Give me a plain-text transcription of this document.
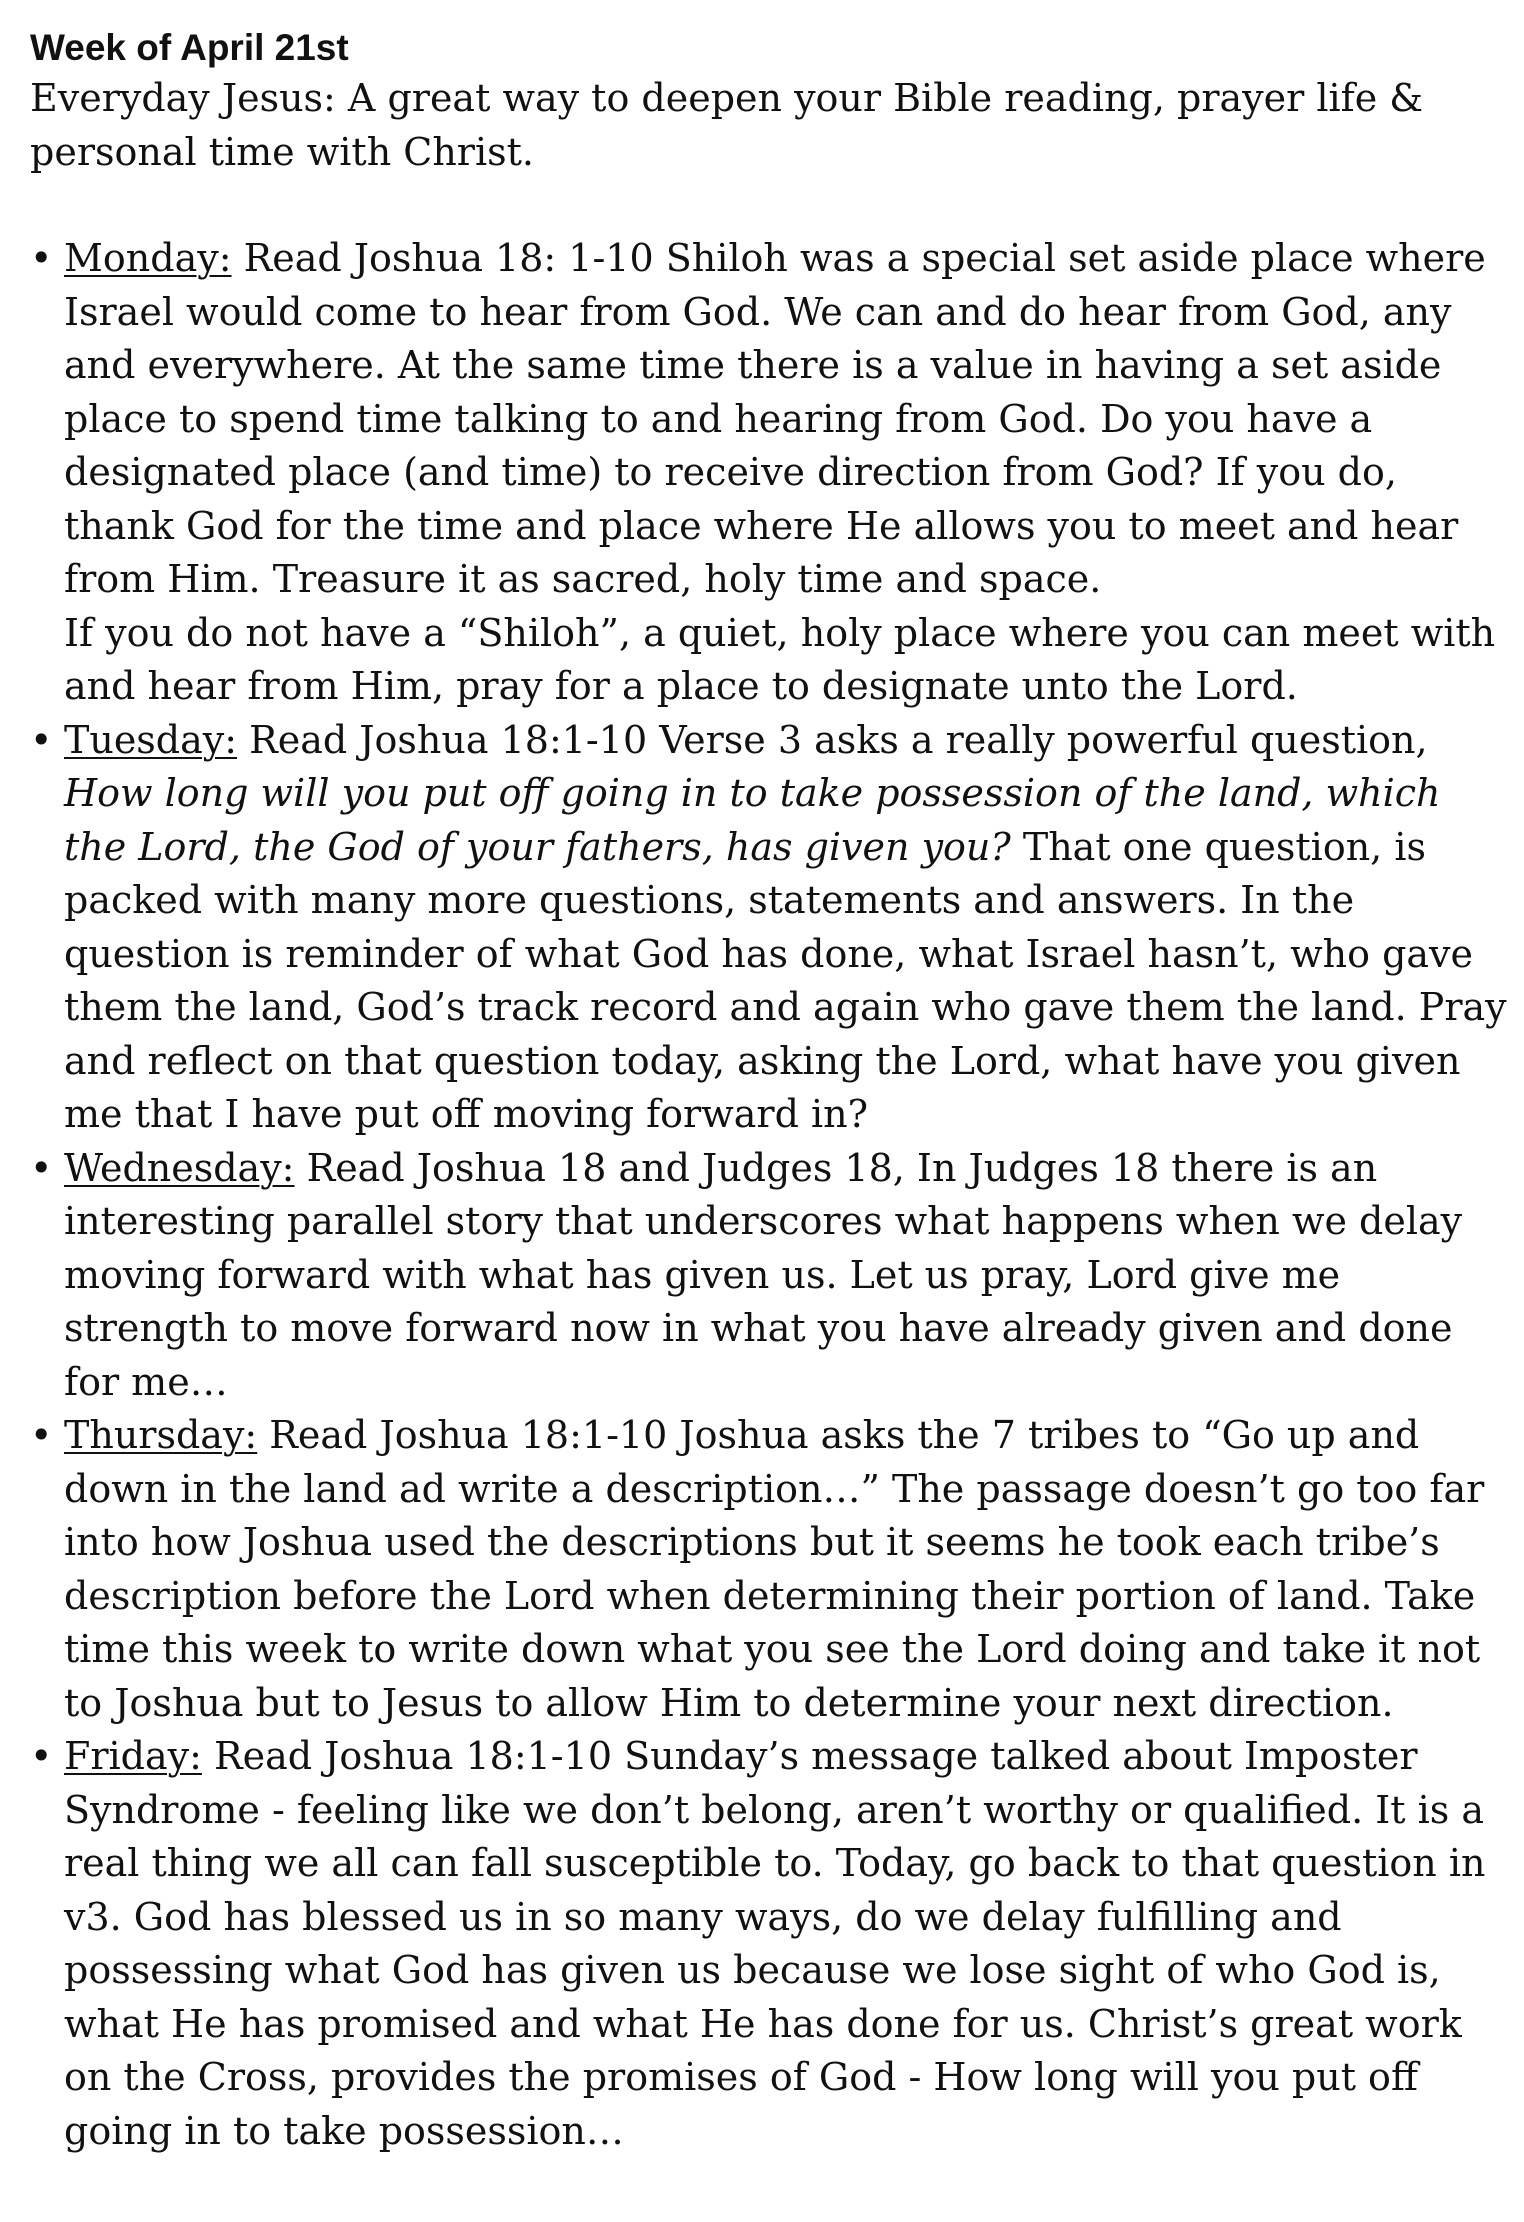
Week of April 21st

Everyday Jesus: A great way to deepen your Bible reading, prayer life & personal time with Christ.

• Monday: Read Joshua 18: 1-10 Shiloh was a special set aside place where Israel would come to hear from God. We can and do hear from God, any and everywhere. At the same time there is a value in having a set aside place to spend time talking to and hearing from God. Do you have a designated place (and time) to receive direction from God? If you do, thank God for the time and place where He allows you to meet and hear from Him. Treasure it as sacred, holy time and space.
If you do not have a “Shiloh”, a quiet, holy place where you can meet with and hear from Him, pray for a place to designate unto the Lord.
• Tuesday: Read Joshua 18:1-10 Verse 3 asks a really powerful question, How long will you put off going in to take possession of the land, which the Lord, the God of your fathers, has given you? That one question, is packed with many more questions, statements and answers. In the question is reminder of what God has done, what Israel hasn’t, who gave them the land, God’s track record and again who gave them the land. Pray and reflect on that question today, asking the Lord, what have you given me that I have put off moving forward in?
• Wednesday: Read Joshua 18 and Judges 18, In Judges 18 there is an interesting parallel story that underscores what happens when we delay moving forward with what has given us. Let us pray, Lord give me strength to move forward now in what you have already given and done for me…
• Thursday: Read Joshua 18:1-10 Joshua asks the 7 tribes to “Go up and down in the land ad write a description…” The passage doesn’t go too far into how Joshua used the descriptions but it seems he took each tribe’s description before the Lord when determining their portion of land. Take time this week to write down what you see the Lord doing and take it not to Joshua but to Jesus to allow Him to determine your next direction.
• Friday: Read Joshua 18:1-10 Sunday’s message talked about Imposter Syndrome - feeling like we don’t belong, aren’t worthy or qualified. It is a real thing we all can fall susceptible to. Today, go back to that question in v3. God has blessed us in so many ways, do we delay fulfilling and possessing what God has given us because we lose sight of who God is, what He has promised and what He has done for us. Christ’s great work on the Cross, provides the promises of God - How long will you put off going in to take possession…
